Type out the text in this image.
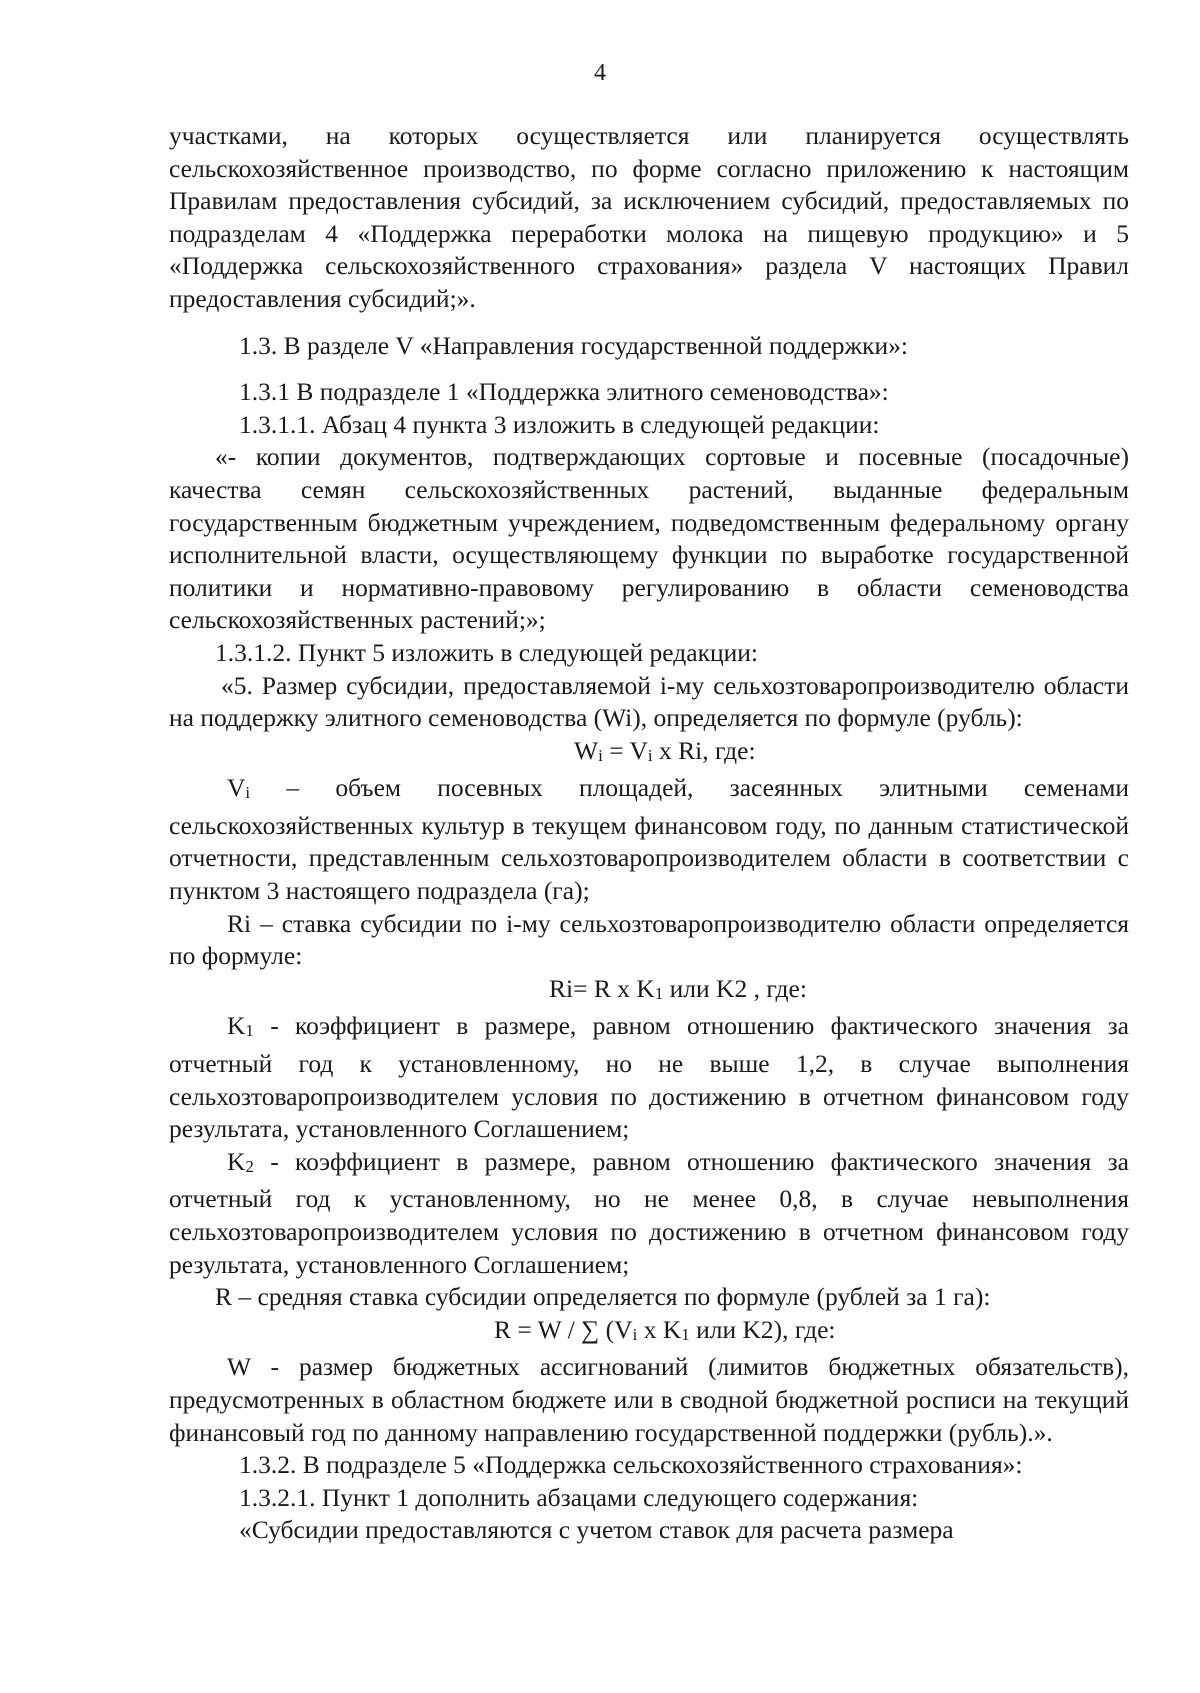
4

участками, на которых осуществляется или планируется осуществлять сельскохозяйственное производство, по форме согласно приложению к настоящим Правилам предоставления субсидий, за исключением субсидий, предоставляемых по подразделам 4 «Поддержка переработки молока на пищевую продукцию» и 5 «Поддержка сельскохозяйственного страхования» раздела V настоящих Правил предоставления субсидий;».

1.3. В разделе V «Направления государственной поддержки»:

1.3.1 В подразделе 1 «Поддержка элитного семеноводства»:

1.3.1.1. Абзац 4 пункта 3 изложить в следующей редакции:

«- копии документов, подтверждающих сортовые и посевные (посадочные) качества семян сельскохозяйственных растений, выданные федеральным государственным бюджетным учреждением, подведомственным федеральному органу исполнительной власти, осуществляющему функции по выработке государственной политики и нормативно-правовому регулированию в области семеноводства сельскохозяйственных растений;»;

1.3.1.2. Пункт 5 изложить в следующей редакции:

«5. Размер субсидии, предоставляемой i-му сельхозтоваропроизводителю области на поддержку элитного семеноводства (Wi), определяется по формуле (рубль):

$W_i = V_i$ x Ri, где:

$V_i$ – объем посевных площадей, засеянных элитными семенами сельскохозяйственных культур в текущем финансовом году, по данным статистической отчетности, представленным сельхозтоваропроизводителем области в соответствии с пунктом 3 настоящего подраздела (га);

Ri – ставка субсидии по i-му сельхозтоваропроизводителю области определяется по формуле:

Ri= R x $K_1$ или K2 , где:

$K_1$ - коэффициент в размере, равном отношению фактического значения за отчетный год к установленному, но не выше 1,2, в случае выполнения сельхозтоваропроизводителем условия по достижению в отчетном финансовом году результата, установленного Соглашением;

$K_2$ - коэффициент в размере, равном отношению фактического значения за отчетный год к установленному, но не менее 0,8, в случае невыполнения сельхозтоваропроизводителем условия по достижению в отчетном финансовом году результата, установленного Соглашением;

R – средняя ставка субсидии определяется по формуле (рублей за 1 га):

R = W / ∑ ($V_i$ x $K_1$ или K2), где:

W - размер бюджетных ассигнований (лимитов бюджетных обязательств), предусмотренных в областном бюджете или в сводной бюджетной росписи на текущий финансовый год по данному направлению государственной поддержки (рубль).».

1.3.2. В подразделе 5 «Поддержка сельскохозяйственного страхования»:

1.3.2.1. Пункт 1 дополнить абзацами следующего содержания:

«Субсидии предоставляются с учетом ставок для расчета размера
